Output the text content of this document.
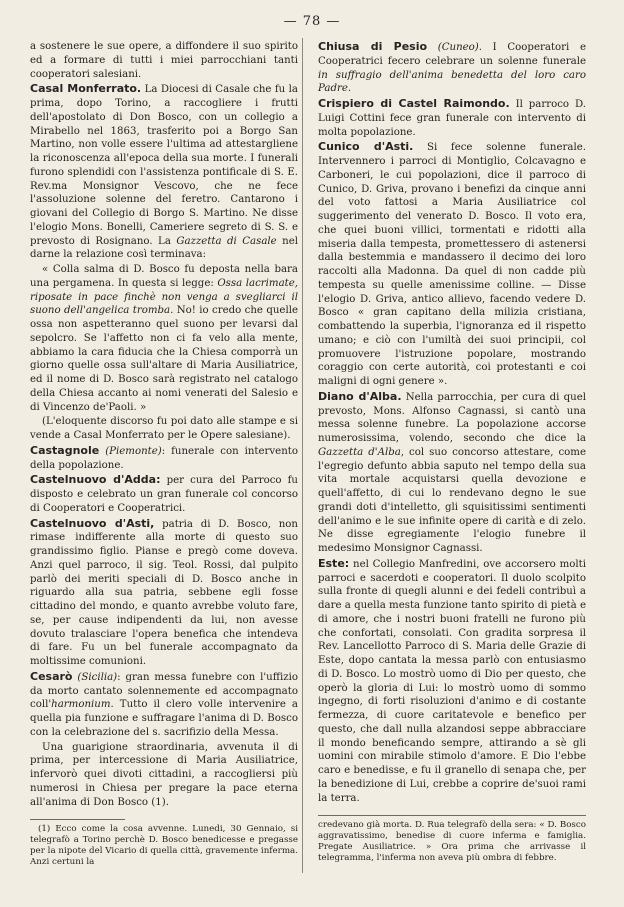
— 78 —

a sostenere le sue opere, a diffondere il suo spirito ed a formare di tutti i miei parrocchiani tanti cooperatori salesiani.

Casal Monferrato. La Diocesi di Casale che fu la prima, dopo Torino, a raccogliere i frutti dell'apostolato di Don Bosco, con un collegio a Mirabello nel 1863, trasferito poi a Borgo San Martino, non volle essere l'ultima ad attestargliene la riconoscenza all'epoca della sua morte. I funerali furono splendidi con l'assistenza pontificale di S. E. Rev.ma Monsignor Vescovo, che ne fece l'assoluzione solenne del feretro. Cantarono i giovani del Collegio di Borgo S. Martino. Ne disse l'elogio Mons. Bonelli, Cameriere segreto di S. S. e prevosto di Rosignano. La Gazzetta di Casale nel darne la relazione così terminava:

« Colla salma di D. Bosco fu deposta nella bara una pergamena. In questa si legge: Ossa lacrimate, riposate in pace finchè non venga a svegliarci il suono dell'angelica tromba. No! io credo che quelle ossa non aspetteranno quel suono per levarsi dal sepolcro. Se l'affetto non ci fa velo alla mente, abbiamo la cara fiducia che la Chiesa comporrà un giorno quelle ossa sull'altare di Maria Ausiliatrice, ed il nome di D. Bosco sarà registrato nel catalogo della Chiesa accanto ai nomi venerati del Salesio e di Vincenzo de'Paoli. »

(L'eloquente discorso fu poi dato alle stampe e si vende a Casal Monferrato per le Opere salesiane).

Castagnole (Piemonte): funerale con intervento della popolazione.

Castelnuovo d'Adda: per cura del Parroco fu disposto e celebrato un gran funerale col concorso di Cooperatori e Cooperatrici.

Castelnuovo d'Asti, patria di D. Bosco, non rimase indifferente alla morte di questo suo grandissimo figlio. Pianse e pregò come doveva. Anzi quel parroco, il sig. Teol. Rossi, dal pulpito parlò dei meriti speciali di D. Bosco anche in riguardo alla sua patria, sebbene egli fosse cittadino del mondo, e quanto avrebbe voluto fare, se, per cause indipendenti da lui, non avesse dovuto tralasciare l'opera benefica che intendeva di fare. Fu un bel funerale accompagnato da moltissime comunioni.

Cesarò (Sicilia): gran messa funebre con l'uffizio da morto cantato solennemente ed accompagnato coll'harmonium. Tutto il clero volle intervenire a quella pia funzione e suffragare l'anima di D. Bosco con la celebrazione del s. sacrifizio della Messa.

Una guarigione straordinaria, avvenuta il di prima, per intercessione di Maria Ausiliatrice, infervorò quei divoti cittadini, a raccogliersi più numerosi in Chiesa per pregare la pace eterna all'anima di Don Bosco (1).

(1) Ecco come la cosa avvenne. Lunedi, 30 Gennaio, si telegrafò a Torino perchè D. Bosco benedicesse e pregasse per la nipote del Vicario di quella città, gravemente inferma. Anzi certuni la

Chiusa di Pesio (Cuneo). I Cooperatori e Cooperatrici fecero celebrare un solenne funerale in suffragio dell'anima benedetta del loro caro Padre.

Crispiero di Castel Raimondo. Il parroco D. Luigi Cottini fece gran funerale con intervento di molta popolazione.

Cunico d'Asti. Si fece solenne funerale. Intervennero i parroci di Montiglio, Colcavagno e Carboneri, le cui popolazioni, dice il parroco di Cunico, D. Griva, provano i benefizi da cinque anni del voto fattosi a Maria Ausiliatrice col suggerimento del venerato D. Bosco. Il voto era, che quei buoni villici, tormentati e ridotti alla miseria dalla tempesta, promettessero di astenersi dalla bestemmia e mandassero il decimo dei loro raccolti alla Madonna. Da quel di non cadde più tempesta su quelle amenissime colline. — Disse l'elogio D. Griva, antico allievo, facendo vedere D. Bosco « gran capitano della milizia cristiana, combattendo la superbia, l'ignoranza ed il rispetto umano; e ciò con l'umiltà dei suoi principii, col promuovere l'istruzione popolare, mostrando coraggio con certe autorità, coi protestanti e coi maligni di ogni genere ».

Diano d'Alba. Nella parrocchia, per cura di quel prevosto, Mons. Alfonso Cagnassi, si cantò una messa solenne funebre. La popolazione accorse numerosissima, volendo, secondo che dice la Gazzetta d'Alba, col suo concorso attestare, come l'egregio defunto abbia saputo nel tempo della sua vita mortale acquistarsi quella devozione e quell'affetto, di cui lo rendevano degno le sue grandi doti d'intelletto, gli squisitissimi sentimenti dell'animo e le sue infinite opere di carità e di zelo. Ne disse egregiamente l'elogio funebre il medesimo Monsignor Cagnassi.

Este: nel Collegio Manfredini, ove accorsero molti parroci e sacerdoti e cooperatori. Il duolo scolpito sulla fronte di quegli alunni e dei fedeli contribuì a dare a quella mesta funzione tanto spirito di pietà e di amore, che i nostri buoni fratelli ne furono più che confortati, consolati. Con gradita sorpresa il Rev. Lancellotto Parroco di S. Maria delle Grazie di Este, dopo cantata la messa parlò con entusiasmo di D. Bosco. Lo mostrò uomo di Dio per questo, che operò la gloria di Lui: lo mostrò uomo di sommo ingegno, di forti risoluzioni d'animo e di costante fermezza, di cuore caritatevole e benefico per questo, che dall nulla alzandosi seppe abbracciare il mondo beneficando sempre, attirando a sè gli uomini con mirabile stimolo d'amore. E Dio l'ebbe caro e benedisse, e fu il granello di senapa che, per la benedizione di Lui, crebbe a coprire de'suoi rami la terra.

credevano già morta. D. Rua telegrafò della sera: « D. Bosco aggravatissimo, benedise di cuore inferma e famiglia. Pregate Ausiliatrice. » Ora prima che arrivasse il telegramma, l'inferma non aveva più ombra di febbre.
